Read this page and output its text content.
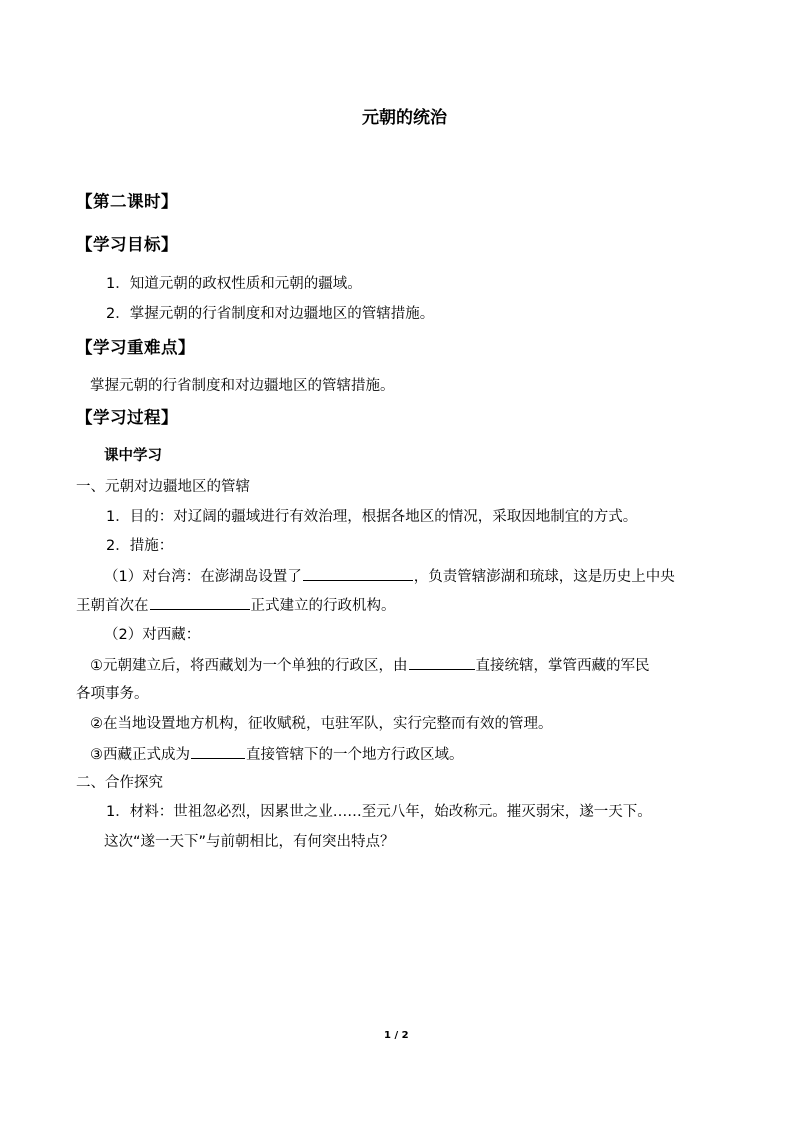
元朝的统治
【第二课时】
【学习目标】
1．知道元朝的政权性质和元朝的疆域。
2．掌握元朝的行省制度和对边疆地区的管辖措施。
【学习重难点】
掌握元朝的行省制度和对边疆地区的管辖措施。
【学习过程】
课中学习
一、元朝对边疆地区的管辖
1．目的：对辽阔的疆域进行有效治理，根据各地区的情况，采取因地制宜的方式。
2．措施：
（1）对台湾：在澎湖岛设置了	，负责管辖澎湖和琉球，这是历史上中央
王朝首次在	正式建立的行政机构。
（2）对西藏：
①元朝建立后，将西藏划为一个单独的行政区，由	直接统辖，掌管西藏的军民
各项事务。
②在当地设置地方机构，征收赋税，屯驻军队，实行完整而有效的管理。
③西藏正式成为	直接管辖下的一个地方行政区域。
二、合作探究
1．材料：世祖忽必烈，因累世之业……至元八年，始改称元。摧灭弱宋，遂一天下。
这次“遂一天下”与前朝相比，有何突出特点？
1 / 2
